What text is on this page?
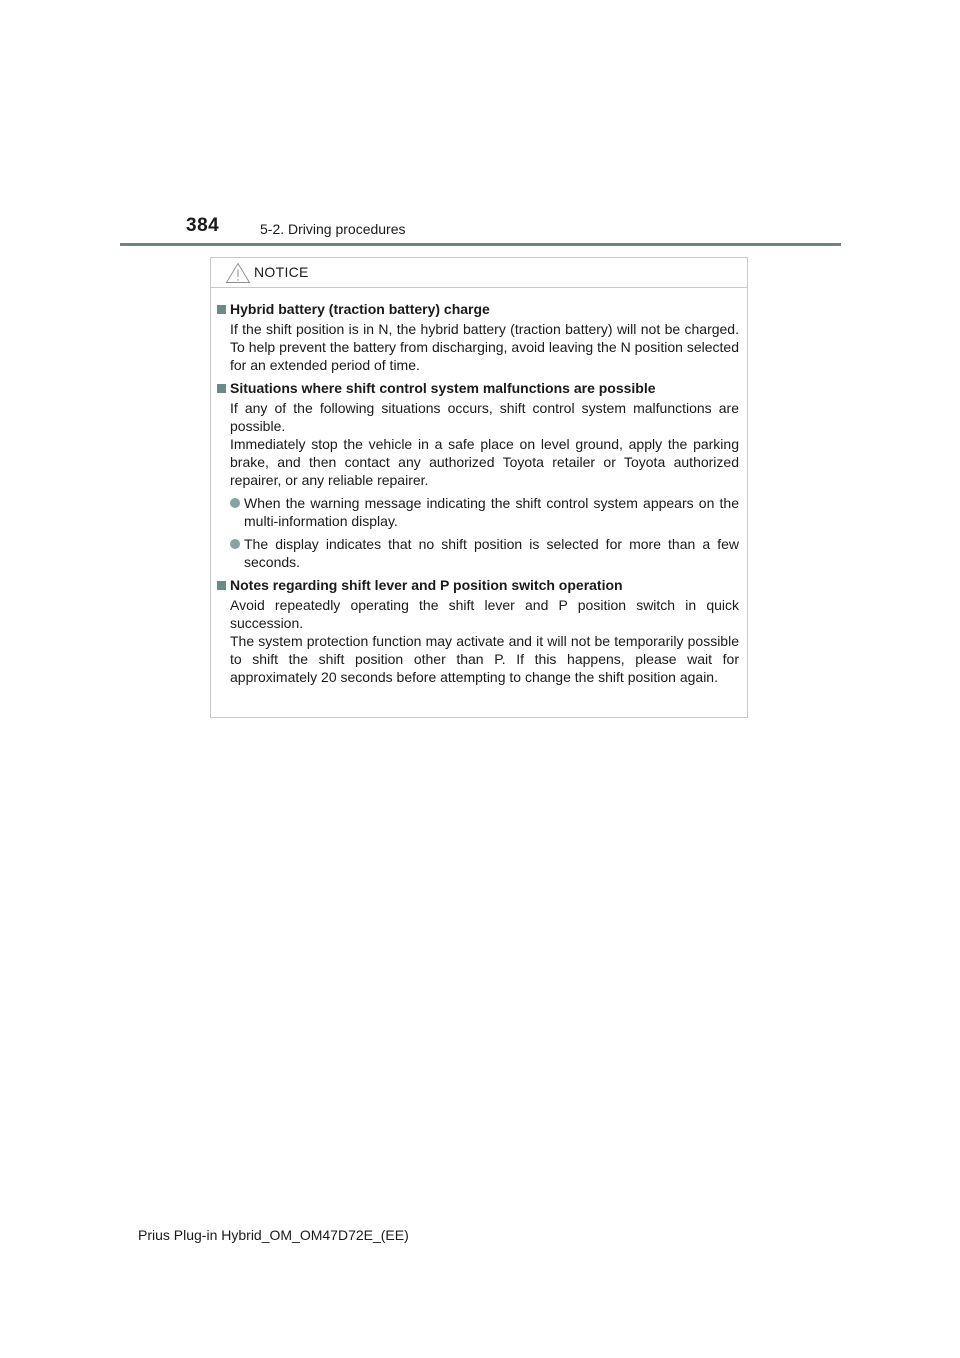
384	5-2. Driving procedures
NOTICE
Hybrid battery (traction battery) charge
If the shift position is in N, the hybrid battery (traction battery) will not be charged. To help prevent the battery from discharging, avoid leaving the N position selected for an extended period of time.
Situations where shift control system malfunctions are possible
If any of the following situations occurs, shift control system malfunctions are possible.
Immediately stop the vehicle in a safe place on level ground, apply the parking brake, and then contact any authorized Toyota retailer or Toyota authorized repairer, or any reliable repairer.
When the warning message indicating the shift control system appears on the multi-information display.
The display indicates that no shift position is selected for more than a few seconds.
Notes regarding shift lever and P position switch operation
Avoid repeatedly operating the shift lever and P position switch in quick succession.
The system protection function may activate and it will not be temporarily possible to shift the shift position other than P. If this happens, please wait for approximately 20 seconds before attempting to change the shift position again.
Prius Plug-in Hybrid_OM_OM47D72E_(EE)
